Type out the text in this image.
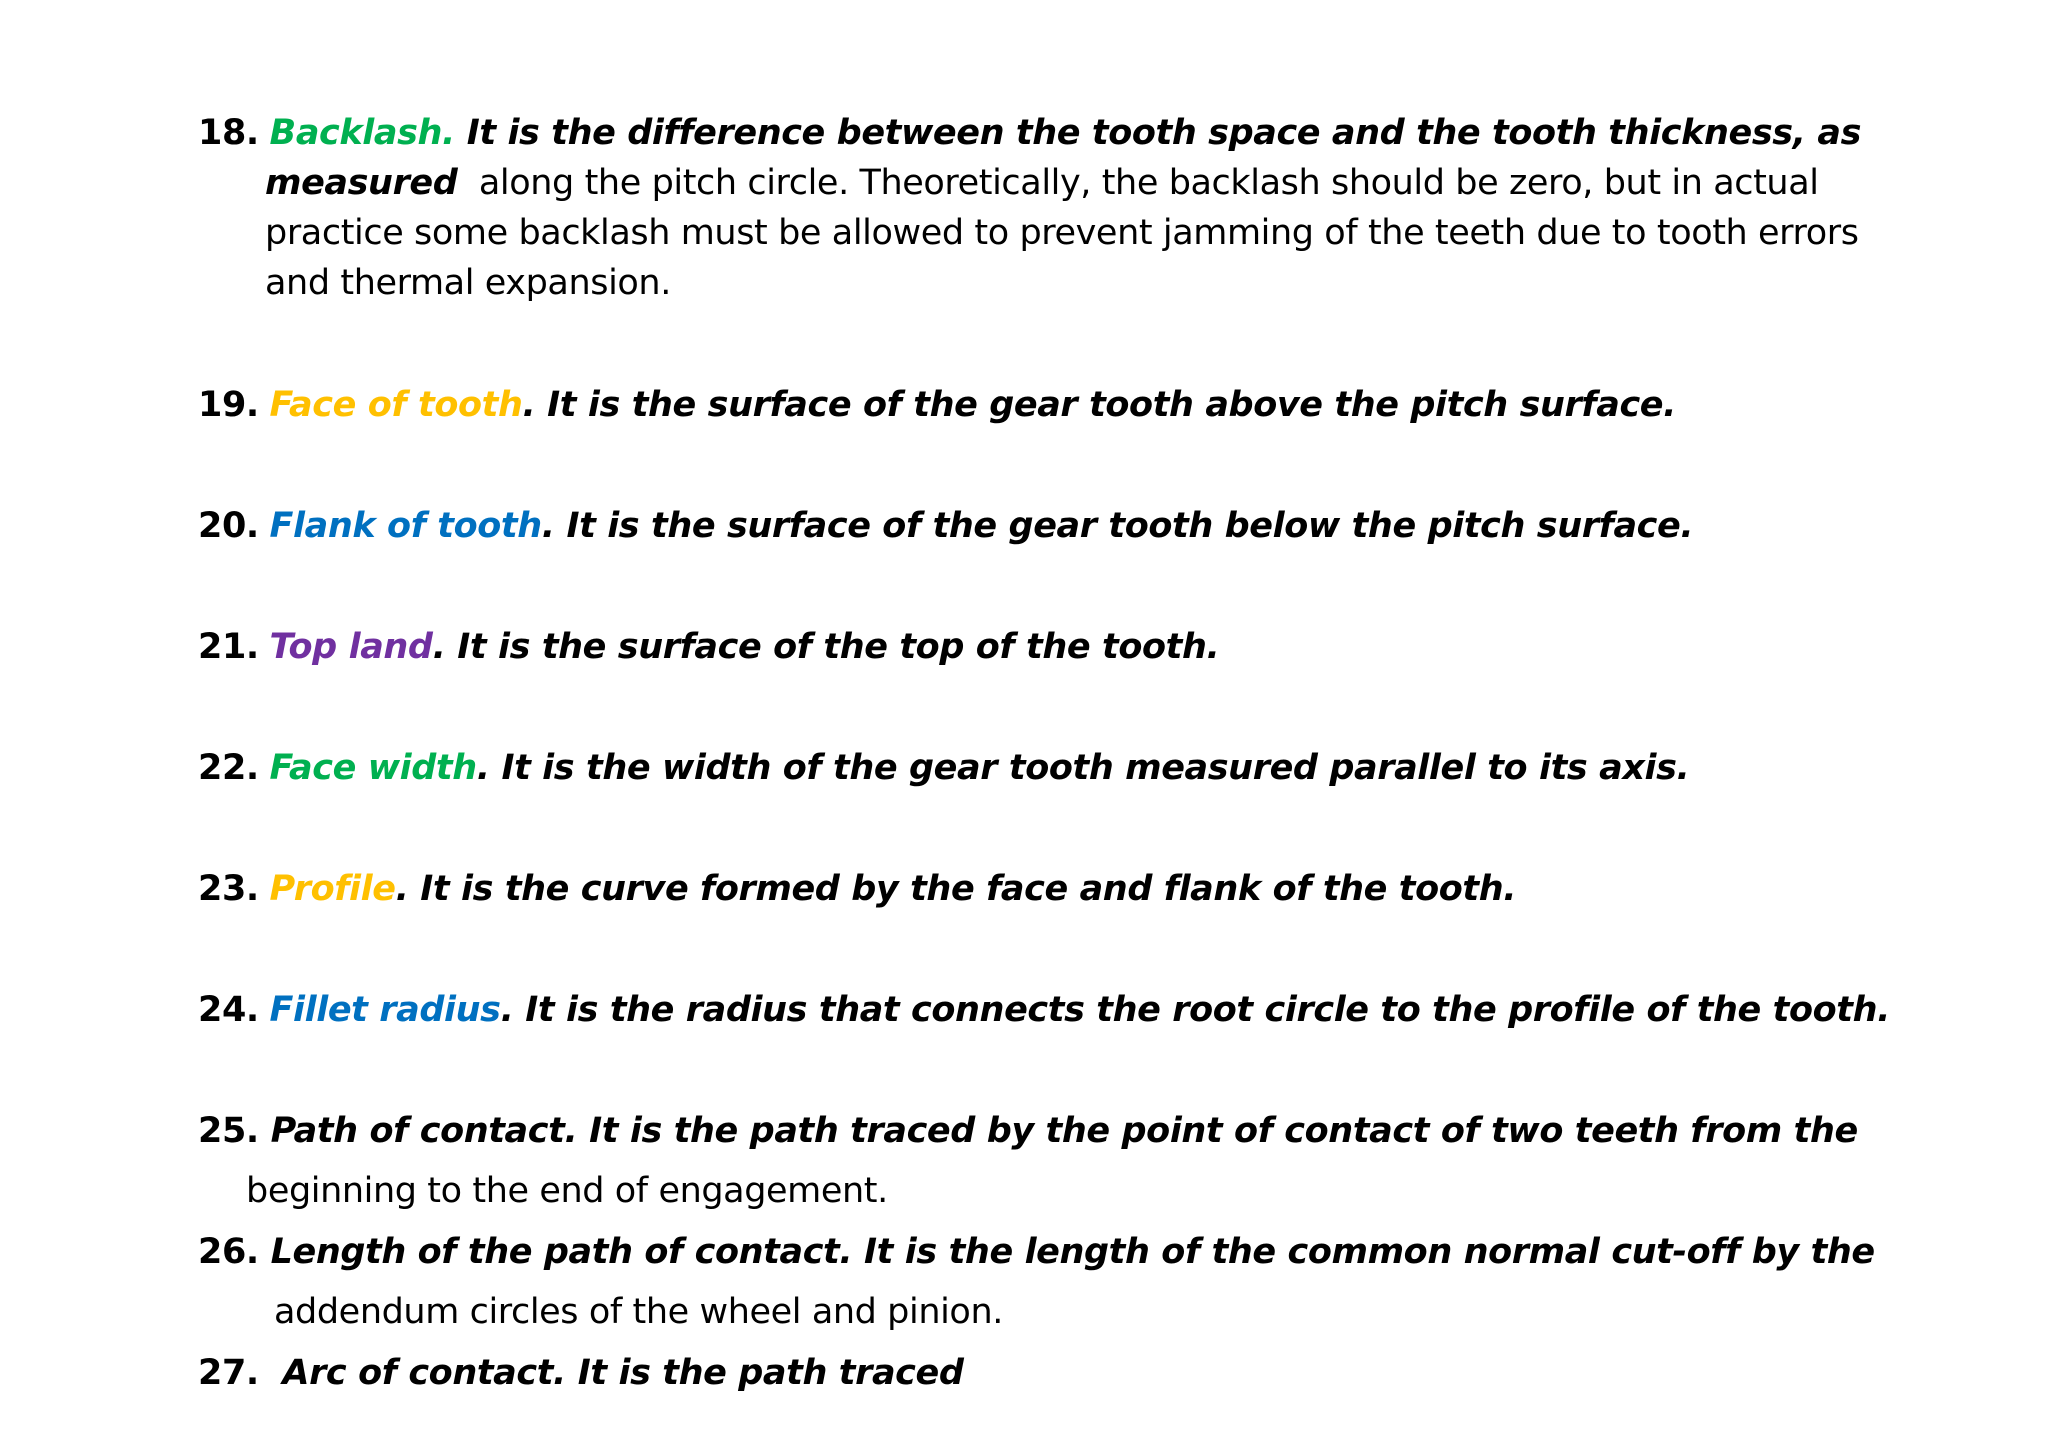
18. Backlash. It is the difference between the tooth space and the tooth thickness, as
measured  along the pitch circle. Theoretically, the backlash should be zero, but in actual
practice some backlash must be allowed to prevent jamming of the teeth due to tooth errors
and thermal expansion.
19. Face of tooth. It is the surface of the gear tooth above the pitch surface.
20. Flank of tooth. It is the surface of the gear tooth below the pitch surface.
21. Top land. It is the surface of the top of the tooth.
22. Face width. It is the width of the gear tooth measured parallel to its axis.
23. Profile. It is the curve formed by the face and flank of the tooth.
24. Fillet radius. It is the radius that connects the root circle to the profile of the tooth.
25. Path of contact. It is the path traced by the point of contact of two teeth from the
beginning to the end of engagement.
26. Length of the path of contact. It is the length of the common normal cut-off by the
addendum circles of the wheel and pinion.
27.  Arc of contact. It is the path traced
